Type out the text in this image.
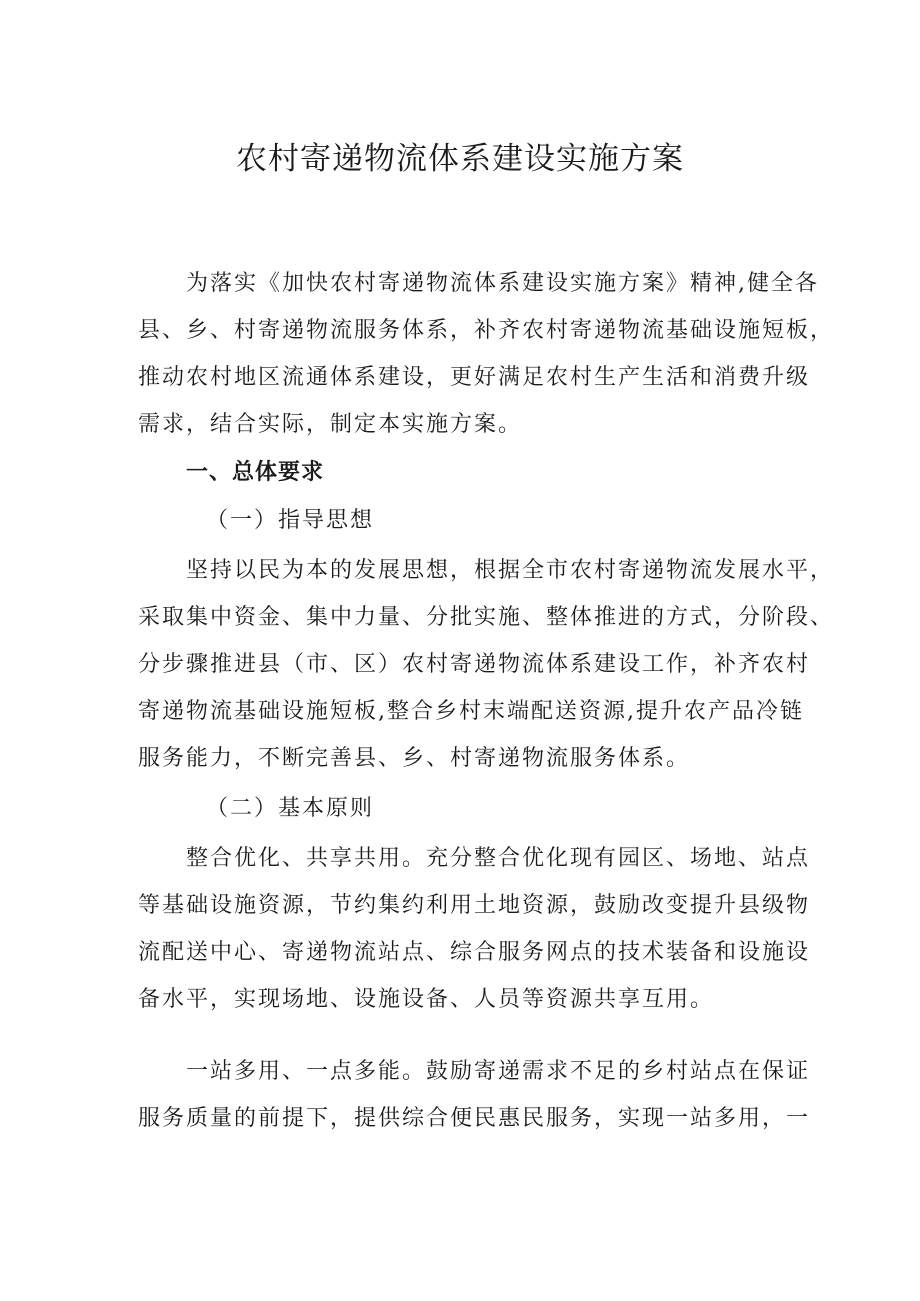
农村寄递物流体系建设实施方案

为落实《加快农村寄递物流体系建设实施方案》精神,健全各

县、乡、村寄递物流服务体系，补齐农村寄递物流基础设施短板，

推动农村地区流通体系建设，更好满足农村生产生活和消费升级

需求，结合实际，制定本实施方案。

一、总体要求

（一）指导思想

坚持以民为本的发展思想，根据全市农村寄递物流发展水平，

采取集中资金、集中力量、分批实施、整体推进的方式，分阶段、

分步骤推进县（市、区）农村寄递物流体系建设工作，补齐农村

寄递物流基础设施短板,整合乡村末端配送资源,提升农产品冷链

服务能力，不断完善县、乡、村寄递物流服务体系。

（二）基本原则

整合优化、共享共用。充分整合优化现有园区、场地、站点

等基础设施资源，节约集约利用土地资源，鼓励改变提升县级物

流配送中心、寄递物流站点、综合服务网点的技术装备和设施设

备水平，实现场地、设施设备、人员等资源共享互用。

一站多用、一点多能。鼓励寄递需求不足的乡村站点在保证

服务质量的前提下，提供综合便民惠民服务，实现一站多用，一
